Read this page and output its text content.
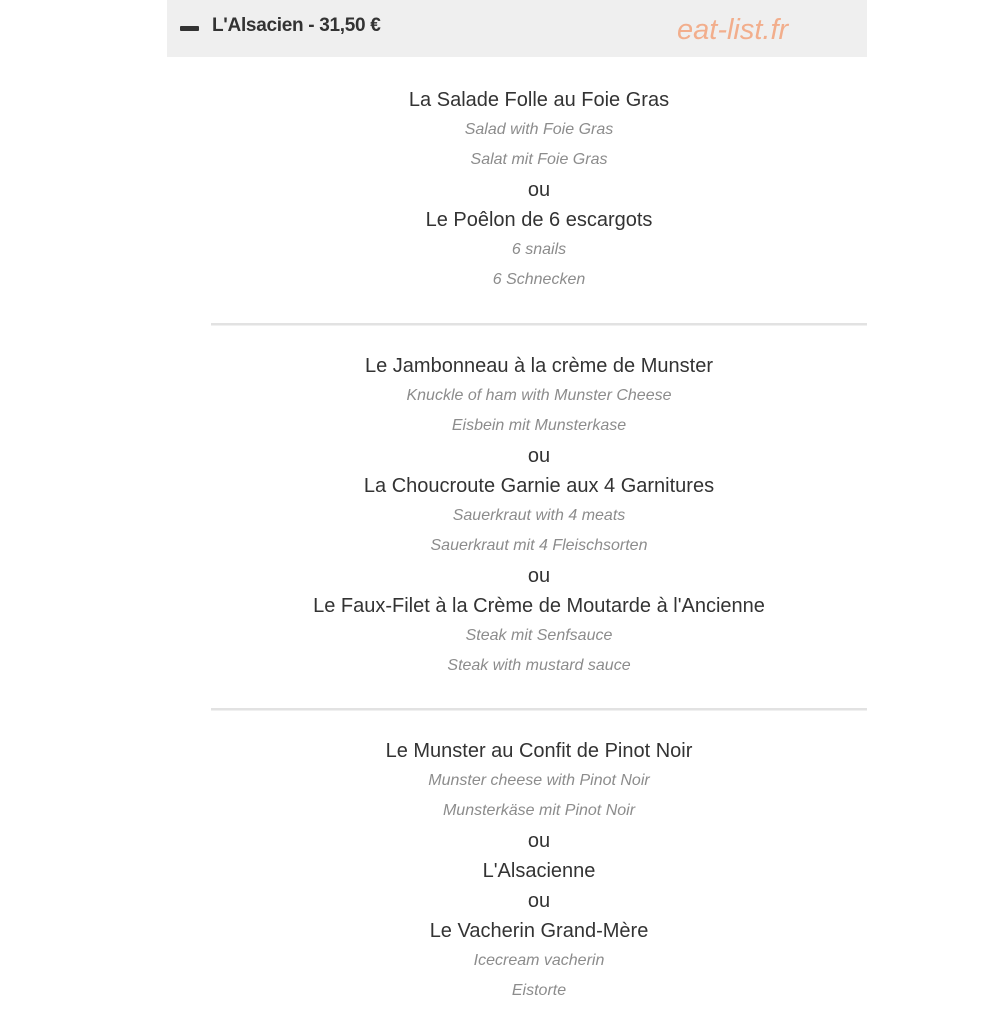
L'Alsacien - 31,50 €	eat-list.fr
La Salade Folle au Foie Gras
Salad with Foie Gras
Salat mit Foie Gras
ou
Le Poêlon de 6 escargots
6 snails
6 Schnecken
Le Jambonneau à la crème de Munster
Knuckle of ham with Munster Cheese
Eisbein mit Munsterkase
ou
La Choucroute Garnie aux 4 Garnitures
Sauerkraut with 4 meats
Sauerkraut mit 4 Fleischsorten
ou
Le Faux-Filet à la Crème de Moutarde à l'Ancienne
Steak mit Senfsauce
Steak with mustard sauce
Le Munster au Confit de Pinot Noir
Munster cheese with Pinot Noir
Munsterkäse mit Pinot Noir
ou
L'Alsacienne
ou
Le Vacherin Grand-Mère
Icecream vacherin
Eistorte
